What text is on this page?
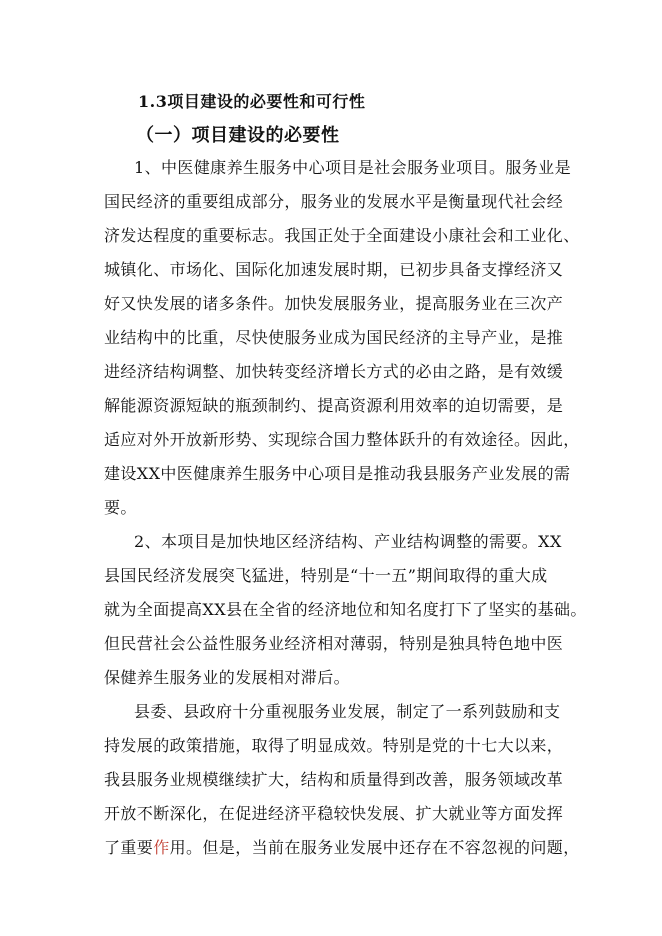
1.3项目建设的必要性和可行性
（一）项目建设的必要性
1、中医健康养生服务中心项目是社会服务业项目。服务业是
国民经济的重要组成部分，服务业的发展水平是衡量现代社会经
济发达程度的重要标志。我国正处于全面建设小康社会和工业化、
城镇化、市场化、国际化加速发展时期，已初步具备支撑经济又
好又快发展的诸多条件。加快发展服务业，提高服务业在三次产
业结构中的比重，尽快使服务业成为国民经济的主导产业，是推
进经济结构调整、加快转变经济增长方式的必由之路，是有效缓
解能源资源短缺的瓶颈制约、提高资源利用效率的迫切需要，是
适应对外开放新形势、实现综合国力整体跃升的有效途径。因此，
建设XX中医健康养生服务中心项目是推动我县服务产业发展的需
要。
2、本项目是加快地区经济结构、产业结构调整的需要。XX
县国民经济发展突飞猛进，特别是“十一五”期间取得的重大成
就为全面提高XX县在全省的经济地位和知名度打下了坚实的基础。
但民营社会公益性服务业经济相对薄弱，特别是独具特色地中医
保健养生服务业的发展相对滞后。
县委、县政府十分重视服务业发展，制定了一系列鼓励和支
持发展的政策措施，取得了明显成效。特别是党的十七大以来，
我县服务业规模继续扩大，结构和质量得到改善，服务领域改革
开放不断深化，在促进经济平稳较快发展、扩大就业等方面发挥
了重要作用。但是，当前在服务业发展中还存在不容忽视的问题，
